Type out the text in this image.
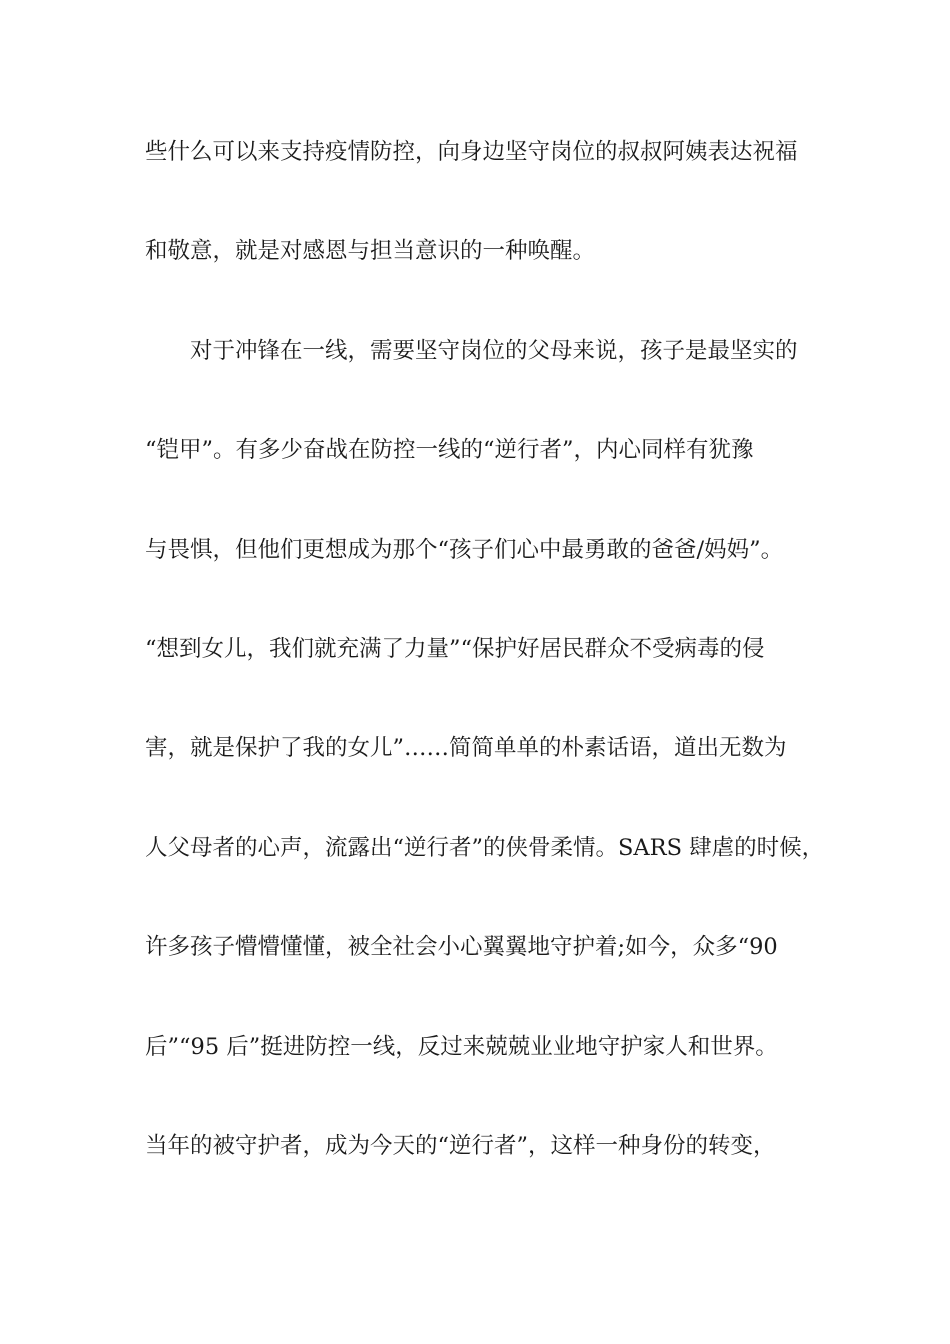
些什么可以来支持疫情防控，向身边坚守岗位的叔叔阿姨表达祝福
和敬意，就是对感恩与担当意识的一种唤醒。
对于冲锋在一线，需要坚守岗位的父母来说，孩子是最坚实的
“铠甲”。有多少奋战在防控一线的“逆行者”，内心同样有犹豫
与畏惧，但他们更想成为那个“孩子们心中最勇敢的爸爸/妈妈”。
“想到女儿，我们就充满了力量”“保护好居民群众不受病毒的侵
害，就是保护了我的女儿”……简简单单的朴素话语，道出无数为
人父母者的心声，流露出“逆行者”的侠骨柔情。SARS 肆虐的时候，
许多孩子懵懵懂懂，被全社会小心翼翼地守护着;如今，众多“90
后”“95 后”挺进防控一线，反过来兢兢业业地守护家人和世界。
当年的被守护者，成为今天的“逆行者”，这样一种身份的转变，
